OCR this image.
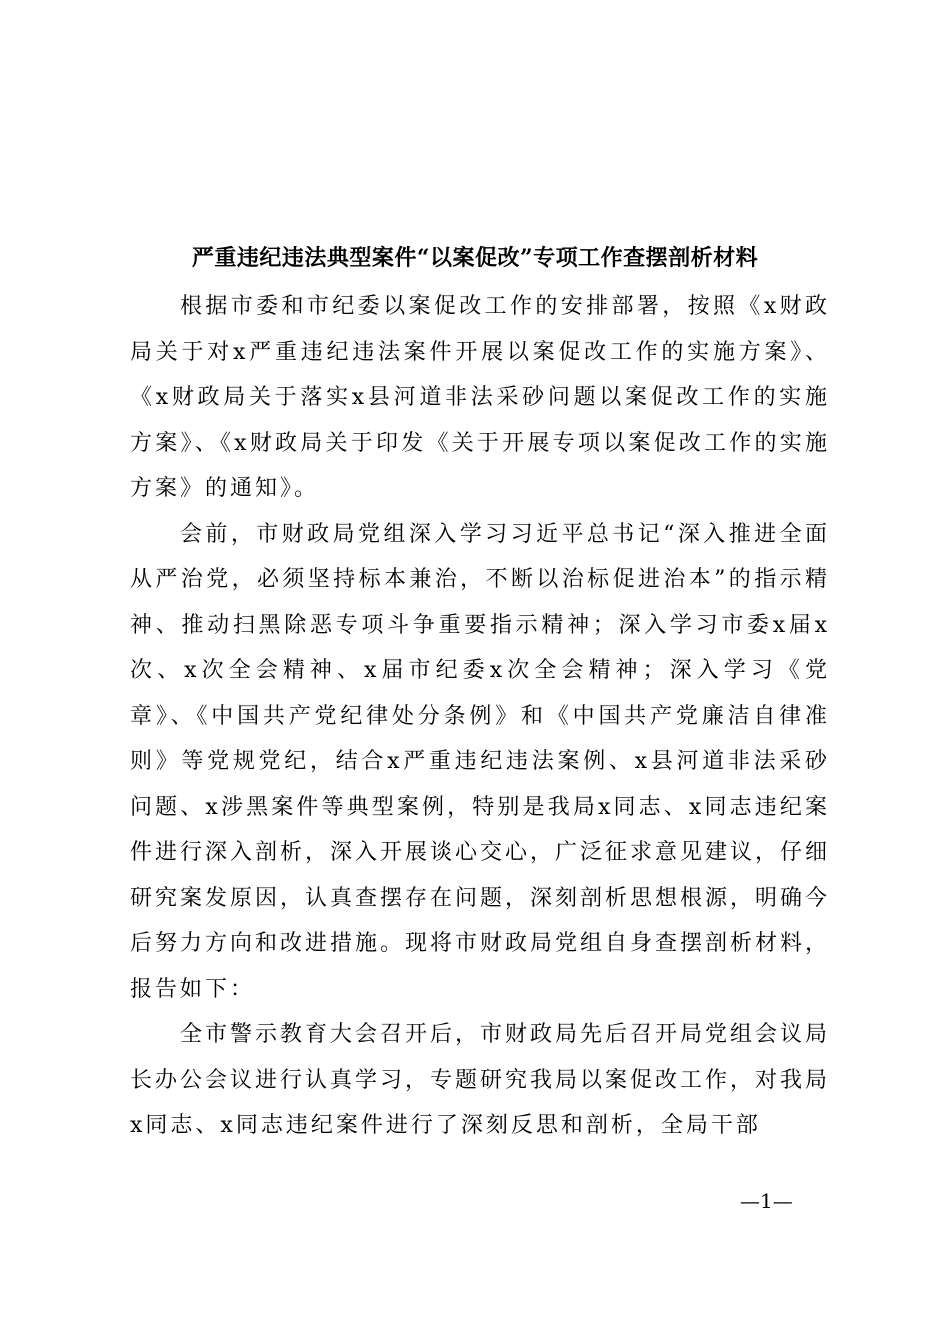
严重违纪违法典型案件“以案促改”专项工作查摆剖析材料

根据市委和市纪委以案促改工作的安排部署，按照《x财政局关于对x严重违纪违法案件开展以案促改工作的实施方案》、《x财政局关于落实x县河道非法采砂问题以案促改工作的实施方案》、《x财政局关于印发《关于开展专项以案促改工作的实施方案》的通知》。

会前，市财政局党组深入学习习近平总书记“深入推进全面从严治党，必须坚持标本兼治，不断以治标促进治本”的指示精神、推动扫黑除恶专项斗争重要指示精神；深入学习市委x届x次、x次全会精神、x届市纪委x次全会精神；深入学习《党章》、《中国共产党纪律处分条例》和《中国共产党廉洁自律准则》等党规党纪，结合x严重违纪违法案例、x县河道非法采砂问题、x涉黑案件等典型案例，特别是我局x同志、x同志违纪案件进行深入剖析，深入开展谈心交心，广泛征求意见建议，仔细研究案发原因，认真查摆存在问题，深刻剖析思想根源，明确今后努力方向和改进措施。现将市财政局党组自身查摆剖析材料，报告如下：

全市警示教育大会召开后，市财政局先后召开局党组会议局长办公会议进行认真学习，专题研究我局以案促改工作，对我局x同志、x同志违纪案件进行了深刻反思和剖析，全局干部

—1—
